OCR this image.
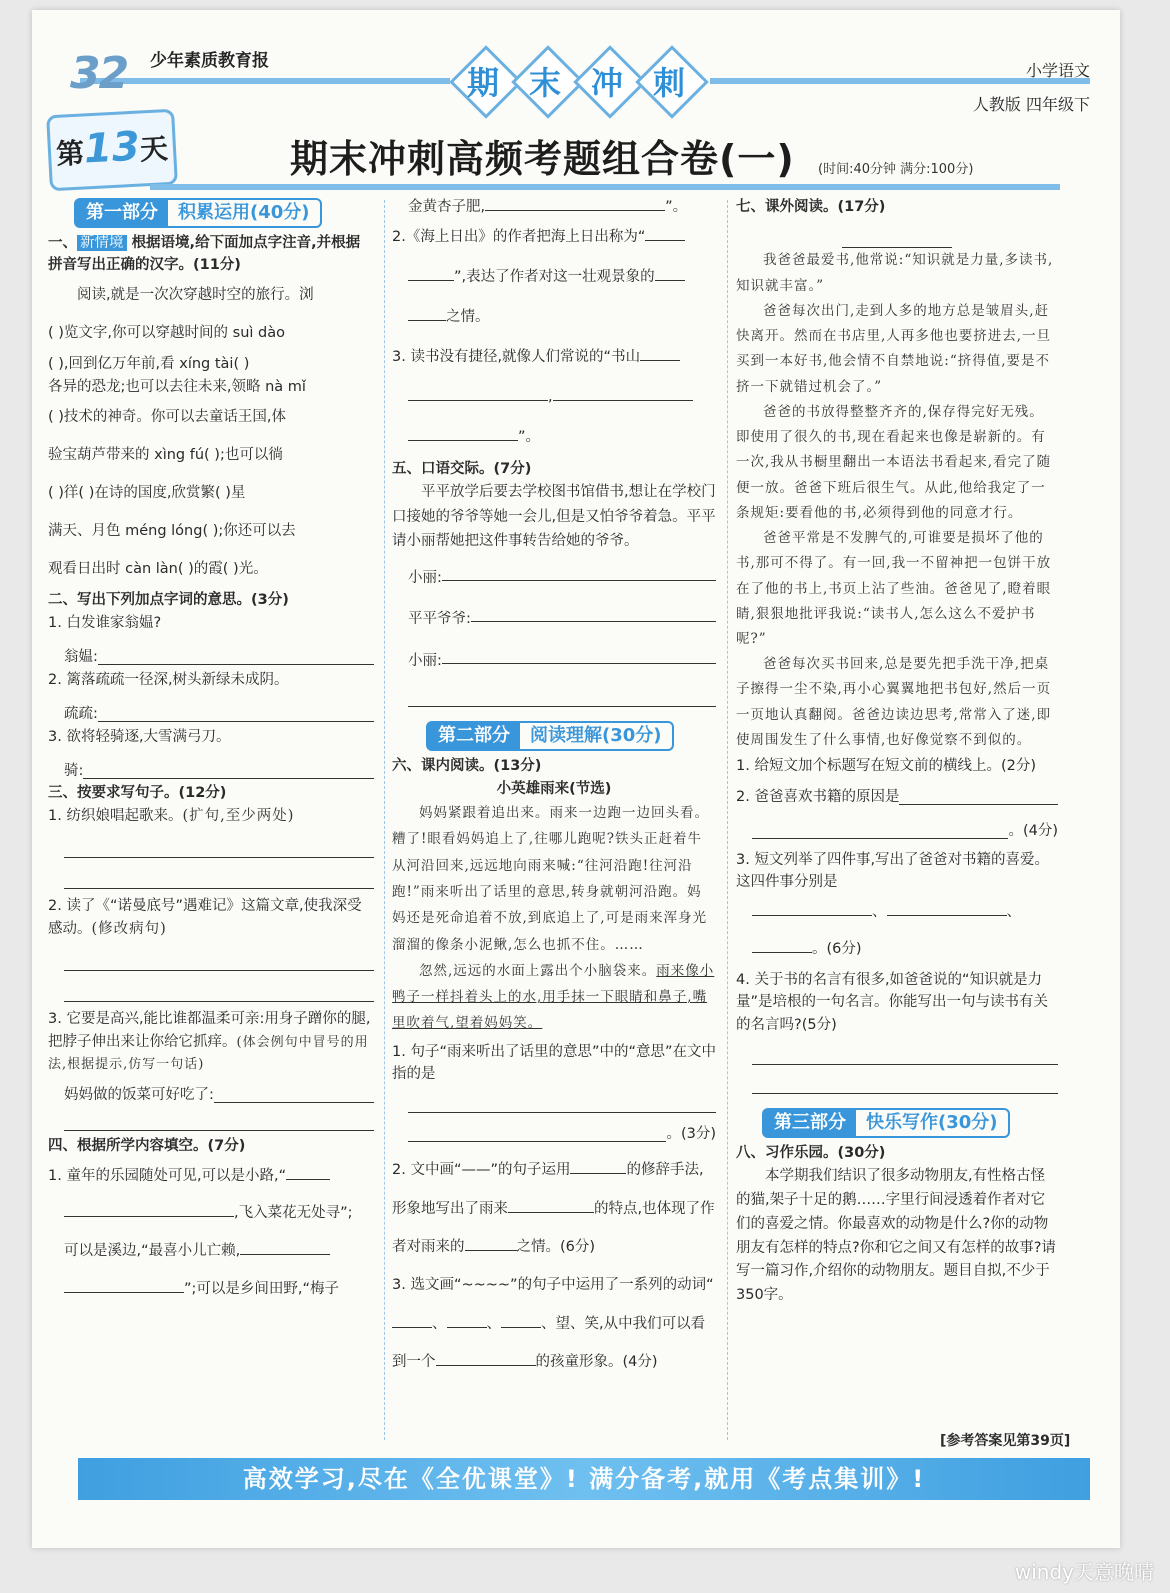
32 少年素质教育报
期 末 冲 刺	小学语文
人教版 四年级下
第13天	期末冲刺高频考题组合卷(一) (时间:40分钟 满分:100分)
第一部分	积累运用(40分)

一、 新情境 根据语境,给下面加点字注音,并根据拼音写出正确的汉字。(11分)

阅读,就是一次次穿越时空的旅行。浏

( )览文字,你可以穿越时间的 suì dào

( ),回到亿万年前,看 xíng tài( )

各异的恐龙;也可以去往未来,领略 nà mǐ

( )技术的神奇。你可以去童话王国,体

验宝葫芦带来的 xìng fú( );也可以徜

( )徉( )在诗的国度,欣赏繁( )星

满天、月色 méng lóng( );你还可以去

观看日出时 càn làn( )的霞( )光。

二、写出下列加点字词的意思。(3分)

1. 白发谁家翁媪?

翁媪:

2. 篱落疏疏一径深,树头新绿未成阴。

疏疏:

3. 欲将轻骑逐,大雪满弓刀。

骑:

三、按要求写句子。(12分)

1. 纺织娘唱起歌来。(扩句,至少两处)

2. 读了《“诺曼底号”遇难记》这篇文章,使我深受感动。(修改病句)

3. 它要是高兴,能比谁都温柔可亲:用身子蹭你的腿,把脖子伸出来让你给它抓痒。(体会例句中冒号的用法,根据提示,仿写一句话)

妈妈做的饭菜可好吃了:

四、根据所学内容填空。(7分)

1. 童年的乐园随处可见,可以是小路,“

,飞入菜花无处寻”;

可以是溪边,“最喜小儿亡赖,

”;可以是乡间田野,“梅子

金黄杏子肥,	”。

2.《海上日出》的作者把海上日出称为“

”,表达了作者对这一壮观景象的

之情。

3. 读书没有捷径,就像人们常说的“书山

,

”。

五、口语交际。(7分)

平平放学后要去学校图书馆借书,想让在学校门口接她的爷爷等她一会儿,但是又怕爷爷着急。平平请小丽帮她把这件事转告给她的爷爷。

小丽:
平平爷爷:
小丽:
第二部分	阅读理解(30分)

六、课内阅读。(13分)

小英雄雨来(节选)

妈妈紧跟着追出来。雨来一边跑一边回头看。糟了!眼看妈妈追上了,往哪儿跑呢?铁头正赶着牛从河沿回来,远远地向雨来喊:“往河沿跑!往河沿跑!”雨来听出了话里的意思,转身就朝河沿跑。妈妈还是死命追着不放,到底追上了,可是雨来浑身光溜溜的像条小泥鳅,怎么也抓不住。……

忽然,远远的水面上露出个小脑袋来。雨来像小鸭子一样抖着头上的水,用手抹一下眼睛和鼻子,嘴里吹着气,望着妈妈笑。

1. 句子“雨来听出了话里的意思”中的“意思”在文中指的是

。(3分)

2. 文中画“——”的句子运用	的修辞手法,形象地写出了雨来	的特点,也体现了作者对雨来的	之情。(6分)

3. 选文画“~~~~”的句子中运用了一系列的动词“、	、	、望、笑,从中我们可以看到一个	的孩童形象。(4分)

七、课外阅读。(17分)

我爸爸最爱书,他常说:“知识就是力量,多读书,知识就丰富。”

爸爸每次出门,走到人多的地方总是皱眉头,赶快离开。然而在书店里,人再多他也要挤进去,一旦买到一本好书,他会情不自禁地说:“挤得值,要是不挤一下就错过机会了。”

爸爸的书放得整整齐齐的,保存得完好无残。即使用了很久的书,现在看起来也像是崭新的。有一次,我从书橱里翻出一本语法书看起来,看完了随便一放。爸爸下班后很生气。从此,他给我定了一条规矩:要看他的书,必须得到他的同意才行。

爸爸平常是不发脾气的,可谁要是损坏了他的书,那可不得了。有一回,我一不留神把一包饼干放在了他的书上,书页上沾了些油。爸爸见了,瞪着眼睛,狠狠地批评我说:“读书人,怎么这么不爱护书呢?”

爸爸每次买书回来,总是要先把手洗干净,把桌子擦得一尘不染,再小心翼翼地把书包好,然后一页一页地认真翻阅。爸爸边读边思考,常常入了迷,即使周围发生了什么事情,也好像觉察不到似的。

1. 给短文加个标题写在短文前的横线上。(2分)

2. 爸爸喜欢书籍的原因是
。(4分)

3. 短文列举了四件事,写出了爸爸对书籍的喜爱。这四件事分别是

、	、

。(6分)

4. 关于书的名言有很多,如爸爸说的“知识就是力量”是培根的一句名言。你能写出一句与读书有关的名言吗?(5分)

第三部分	快乐写作(30分)

八、习作乐园。(30分)

本学期我们结识了很多动物朋友,有性格古怪的猫,架子十足的鹅……字里行间浸透着作者对它们的喜爱之情。你最喜欢的动物是什么?你的动物朋友有怎样的特点?你和它之间又有怎样的故事?请写一篇习作,介绍你的动物朋友。题目自拟,不少于350字。

[参考答案见第39页]
高效学习,尽在《全优课堂》! 满分备考,就用《考点集训》!
windy天意晚晴
